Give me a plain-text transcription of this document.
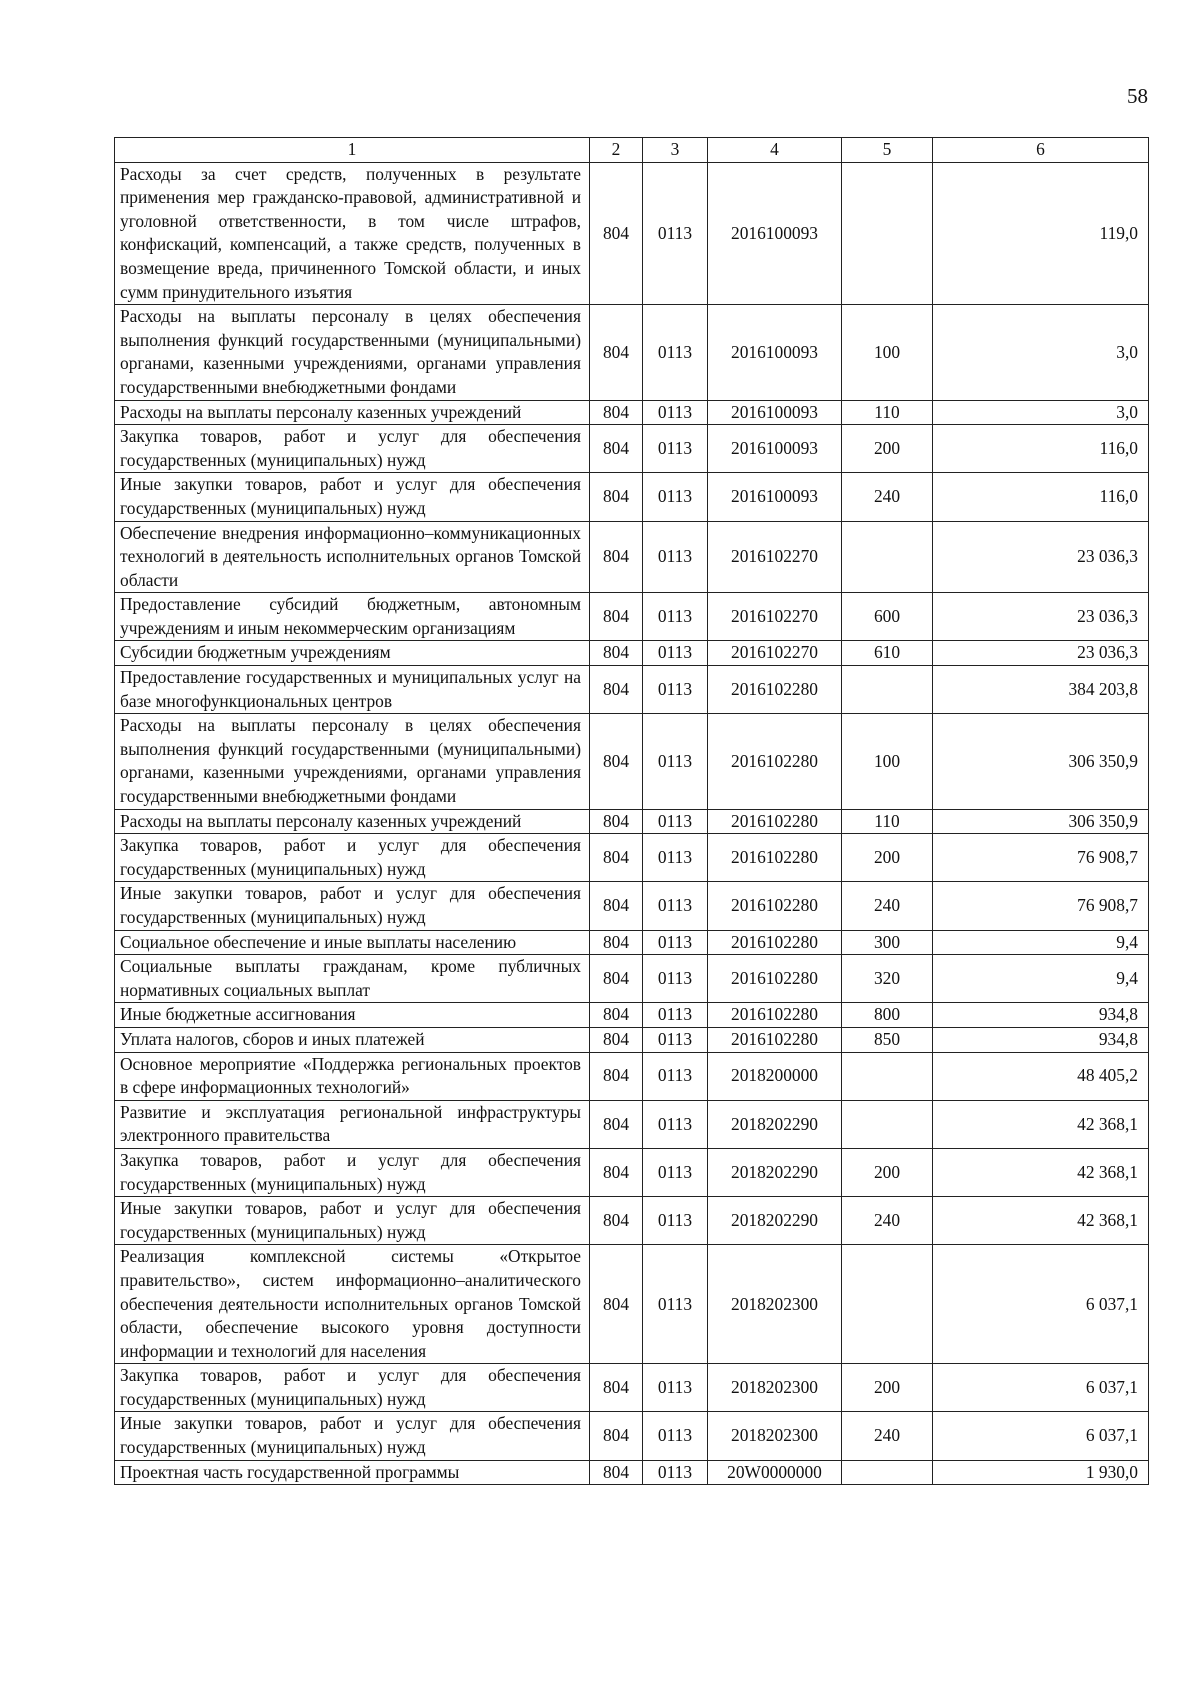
58
1	2	3	4	5	6
Расходы за счет средств, полученных в результате применения мер гражданско-правовой, административной и уголовной ответственности, в том числе штрафов, конфискаций, компенсаций, а также средств, полученных в возмещение вреда, причиненного Томской области, и иных сумм принудительного изъятия	804	0113	2016100093		119,0
Расходы на выплаты персоналу в целях обеспечения выполнения функций государственными (муниципальными) органами, казенными учреждениями, органами управления государственными внебюджетными фондами	804	0113	2016100093	100	3,0
Расходы на выплаты персоналу казенных учреждений	804	0113	2016100093	110	3,0
Закупка товаров, работ и услуг для обеспечения государственных (муниципальных) нужд	804	0113	2016100093	200	116,0
Иные закупки товаров, работ и услуг для обеспечения государственных (муниципальных) нужд	804	0113	2016100093	240	116,0
Обеспечение внедрения информационно–коммуникационных технологий в деятельность исполнительных органов Томской области	804	0113	2016102270		23 036,3
Предоставление субсидий бюджетным, автономным учреждениям и иным некоммерческим организациям	804	0113	2016102270	600	23 036,3
Субсидии бюджетным учреждениям	804	0113	2016102270	610	23 036,3
Предоставление государственных и муниципальных услуг на базе многофункциональных центров	804	0113	2016102280		384 203,8
Расходы на выплаты персоналу в целях обеспечения выполнения функций государственными (муниципальными) органами, казенными учреждениями, органами управления государственными внебюджетными фондами	804	0113	2016102280	100	306 350,9
Расходы на выплаты персоналу казенных учреждений	804	0113	2016102280	110	306 350,9
Закупка товаров, работ и услуг для обеспечения государственных (муниципальных) нужд	804	0113	2016102280	200	76 908,7
Иные закупки товаров, работ и услуг для обеспечения государственных (муниципальных) нужд	804	0113	2016102280	240	76 908,7
Социальное обеспечение и иные выплаты населению	804	0113	2016102280	300	9,4
Социальные выплаты гражданам, кроме публичных нормативных социальных выплат	804	0113	2016102280	320	9,4
Иные бюджетные ассигнования	804	0113	2016102280	800	934,8
Уплата налогов, сборов и иных платежей	804	0113	2016102280	850	934,8
Основное мероприятие «Поддержка региональных проектов в сфере информационных технологий»	804	0113	2018200000		48 405,2
Развитие и эксплуатация региональной инфраструктуры электронного правительства	804	0113	2018202290		42 368,1
Закупка товаров, работ и услуг для обеспечения государственных (муниципальных) нужд	804	0113	2018202290	200	42 368,1
Иные закупки товаров, работ и услуг для обеспечения государственных (муниципальных) нужд	804	0113	2018202290	240	42 368,1
Реализация комплексной системы «Открытое правительство», систем информационно–аналитического обеспечения деятельности исполнительных органов Томской области, обеспечение высокого уровня доступности информации и технологий для населения	804	0113	2018202300		6 037,1
Закупка товаров, работ и услуг для обеспечения государственных (муниципальных) нужд	804	0113	2018202300	200	6 037,1
Иные закупки товаров, работ и услуг для обеспечения государственных (муниципальных) нужд	804	0113	2018202300	240	6 037,1
Проектная часть государственной программы	804	0113	20W0000000		1 930,0
